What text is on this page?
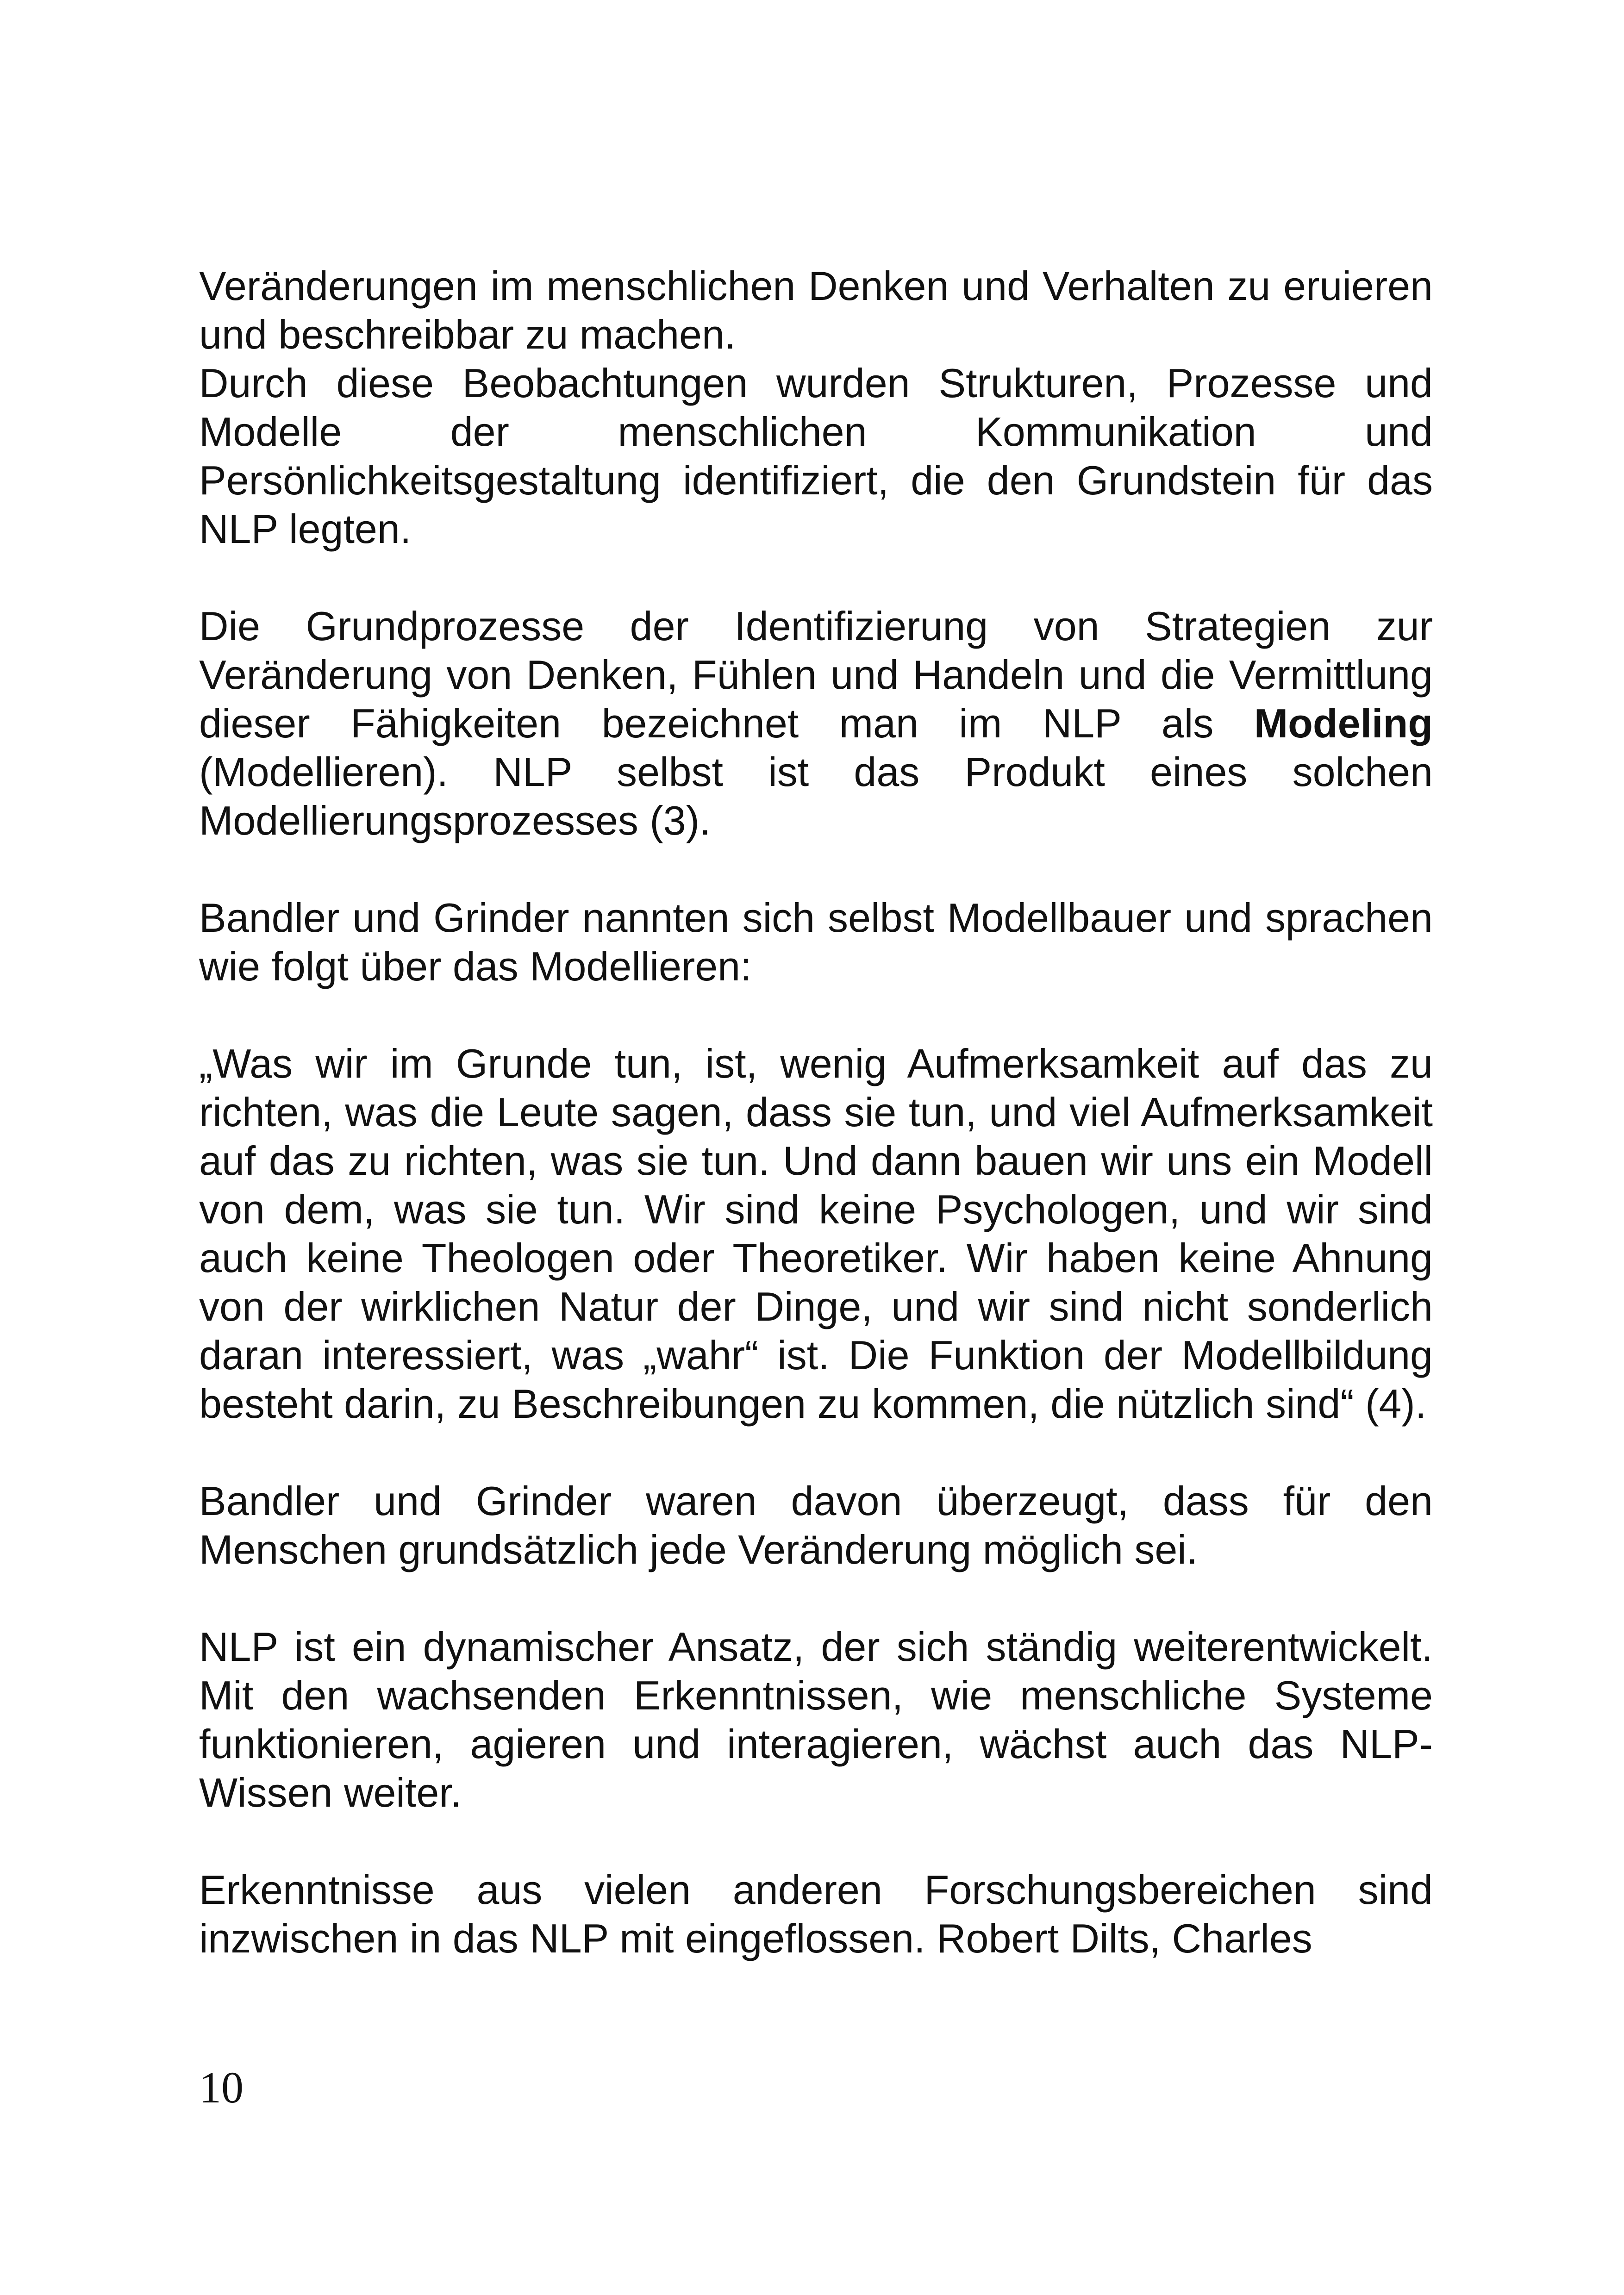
Veränderungen im menschlichen Denken und Verhalten zu eruieren und beschreibbar zu machen.

Durch diese Beobachtungen wurden Strukturen, Prozesse und Modelle der menschlichen Kommunikation und Persönlichkeitsgestaltung identifiziert, die den Grundstein für das NLP legten.

Die Grundprozesse der Identifizierung von Strategien zur Veränderung von Denken, Fühlen und Handeln und die Vermittlung dieser Fähigkeiten bezeichnet man im NLP als Modeling (Modellieren). NLP selbst ist das Produkt eines solchen Modellierungsprozesses (3).

Bandler und Grinder nannten sich selbst Modellbauer und sprachen wie folgt über das Modellieren:

„Was wir im Grunde tun, ist, wenig Aufmerksamkeit auf das zu richten, was die Leute sagen, dass sie tun, und viel Aufmerksamkeit auf das zu richten, was sie tun. Und dann bauen wir uns ein Modell von dem, was sie tun. Wir sind keine Psychologen, und wir sind auch keine Theologen oder Theoretiker. Wir haben keine Ahnung von der wirklichen Natur der Dinge, und wir sind nicht sonderlich daran interessiert, was „wahr“ ist. Die Funktion der Modellbildung besteht darin, zu Beschreibungen zu kommen, die nützlich sind“ (4).

Bandler und Grinder waren davon überzeugt, dass für den Menschen grundsätzlich jede Veränderung möglich sei.

NLP ist ein dynamischer Ansatz, der sich ständig weiterentwickelt. Mit den wachsenden Erkenntnissen, wie menschliche Systeme funktionieren, agieren und interagieren, wächst auch das NLP-Wissen weiter.

Erkenntnisse aus vielen anderen Forschungsbereichen sind inzwischen in das NLP mit eingeflossen. Robert Dilts, Charles

10
